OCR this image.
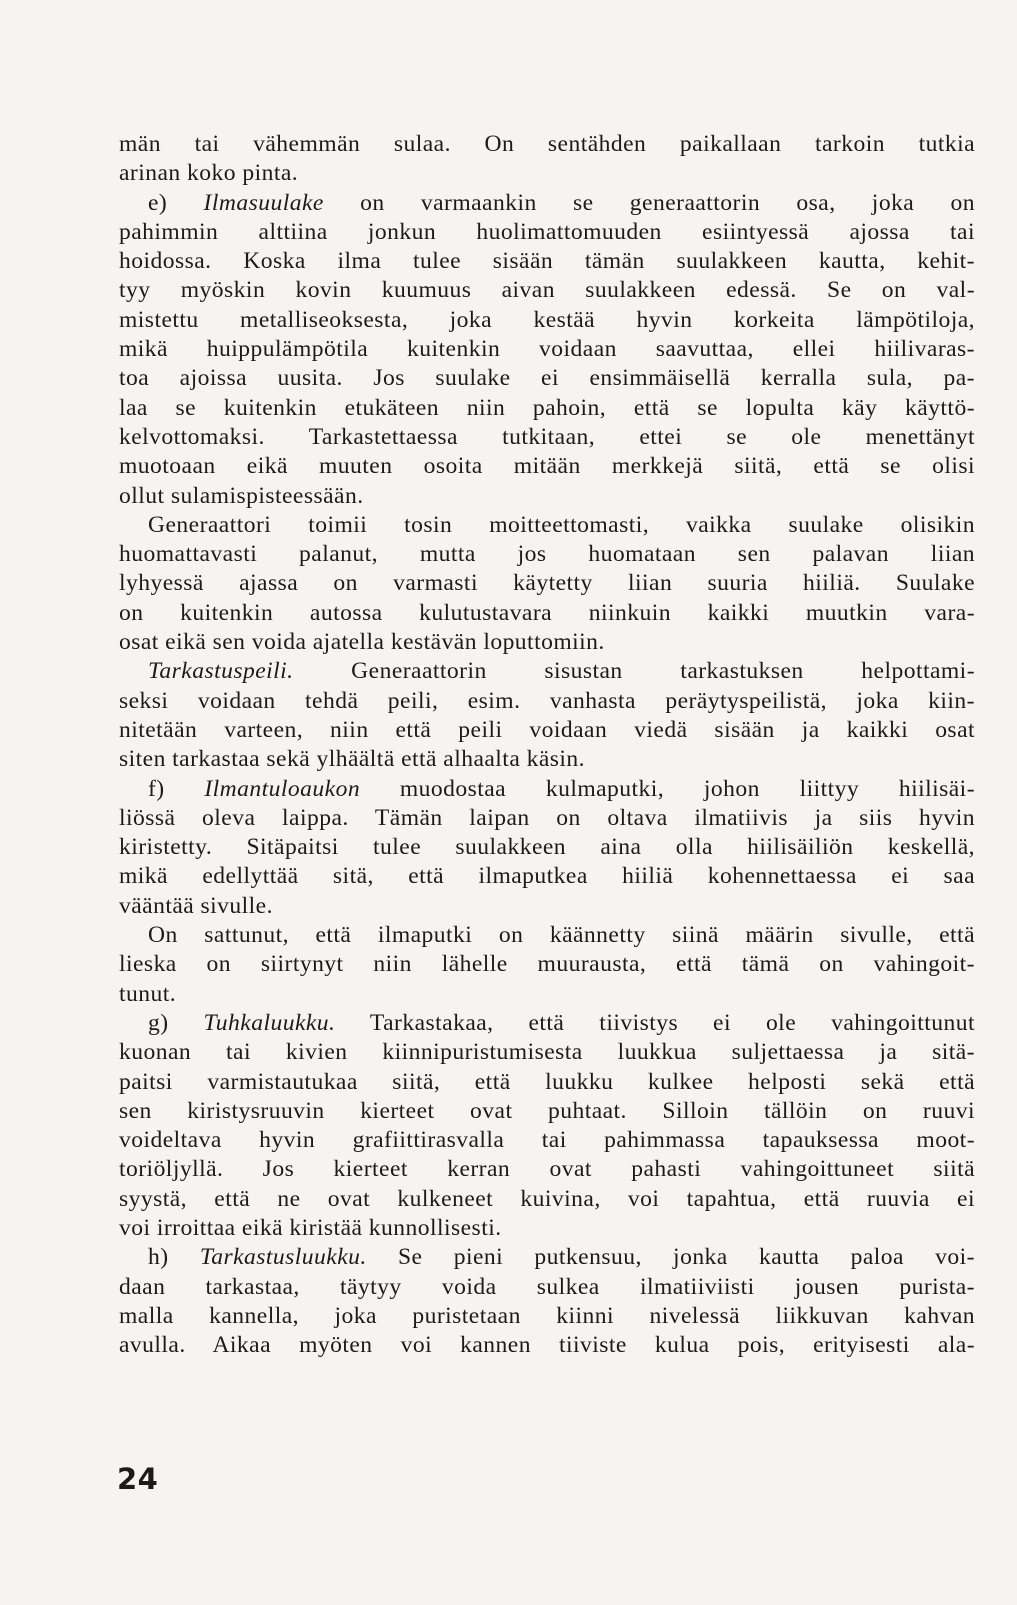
män tai vähemmän sulaa. On sentähden paikallaan tarkoin tutkia
arinan koko pinta.
e) Ilmasuulake on varmaankin se generaattorin osa, joka on
pahimmin alttiina jonkun huolimattomuuden esiintyessä ajossa tai
hoidossa. Koska ilma tulee sisään tämän suulakkeen kautta, kehit-
tyy myöskin kovin kuumuus aivan suulakkeen edessä. Se on val-
mistettu metalliseoksesta, joka kestää hyvin korkeita lämpötiloja,
mikä huippulämpötila kuitenkin voidaan saavuttaa, ellei hiilivaras-
toa ajoissa uusita. Jos suulake ei ensimmäisellä kerralla sula, pa-
laa se kuitenkin etukäteen niin pahoin, että se lopulta käy käyttö-
kelvottomaksi. Tarkastettaessa tutkitaan, ettei se ole menettänyt
muotoaan eikä muuten osoita mitään merkkejä siitä, että se olisi
ollut sulamispisteessään.
Generaattori toimii tosin moitteettomasti, vaikka suulake olisikin
huomattavasti palanut, mutta jos huomataan sen palavan liian
lyhyessä ajassa on varmasti käytetty liian suuria hiiliä. Suulake
on kuitenkin autossa kulutustavara niinkuin kaikki muutkin vara-
osat eikä sen voida ajatella kestävän loputtomiin.
Tarkastuspeili. Generaattorin sisustan tarkastuksen helpottami-
seksi voidaan tehdä peili, esim. vanhasta peräytyspeilistä, joka kiin-
nitetään varteen, niin että peili voidaan viedä sisään ja kaikki osat
siten tarkastaa sekä ylhäältä että alhaalta käsin.
f) Ilmantuloaukon muodostaa kulmaputki, johon liittyy hiilisäi-
liössä oleva laippa. Tämän laipan on oltava ilmatiivis ja siis hyvin
kiristetty. Sitäpaitsi tulee suulakkeen aina olla hiilisäiliön keskellä,
mikä edellyttää sitä, että ilmaputkea hiiliä kohennettaessa ei saa
vääntää sivulle.
On sattunut, että ilmaputki on käännetty siinä määrin sivulle, että
lieska on siirtynyt niin lähelle muurausta, että tämä on vahingoit-
tunut.
g) Tuhkaluukku. Tarkastakaa, että tiivistys ei ole vahingoittunut
kuonan tai kivien kiinnipuristumisesta luukkua suljettaessa ja sitä-
paitsi varmistautukaa siitä, että luukku kulkee helposti sekä että
sen kiristysruuvin kierteet ovat puhtaat. Silloin tällöin on ruuvi
voideltava hyvin grafiittirasvalla tai pahimmassa tapauksessa moot-
toriöljyllä. Jos kierteet kerran ovat pahasti vahingoittuneet siitä
syystä, että ne ovat kulkeneet kuivina, voi tapahtua, että ruuvia ei
voi irroittaa eikä kiristää kunnollisesti.
h) Tarkastusluukku. Se pieni putkensuu, jonka kautta paloa voi-
daan tarkastaa, täytyy voida sulkea ilmatiiviisti jousen purista-
malla kannella, joka puristetaan kiinni nivelessä liikkuvan kahvan
avulla. Aikaa myöten voi kannen tiiviste kulua pois, erityisesti ala-
24
